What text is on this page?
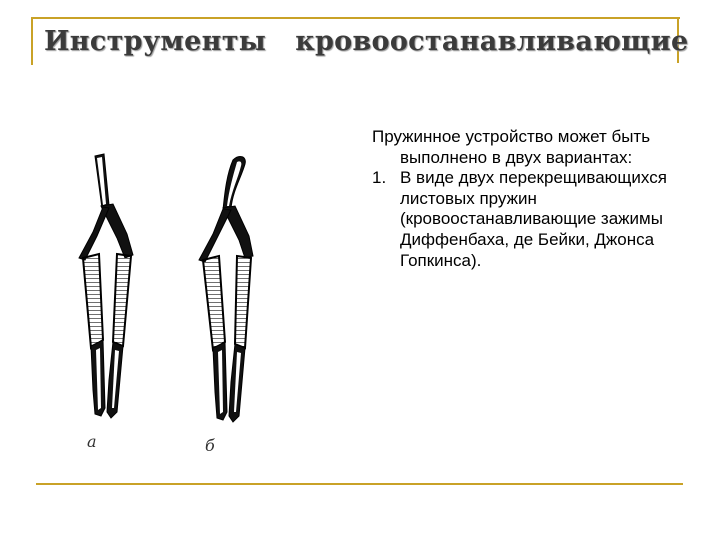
Инструменты   кровоостанавливающие

Пружинное устройство может быть выполнено в двух вариантах:

1. В виде двух перекрещивающихся листовых пружин (кровоостанавливающие зажимы Диффенбаха, де Бейки, Джонса Гопкинса).

а	б
